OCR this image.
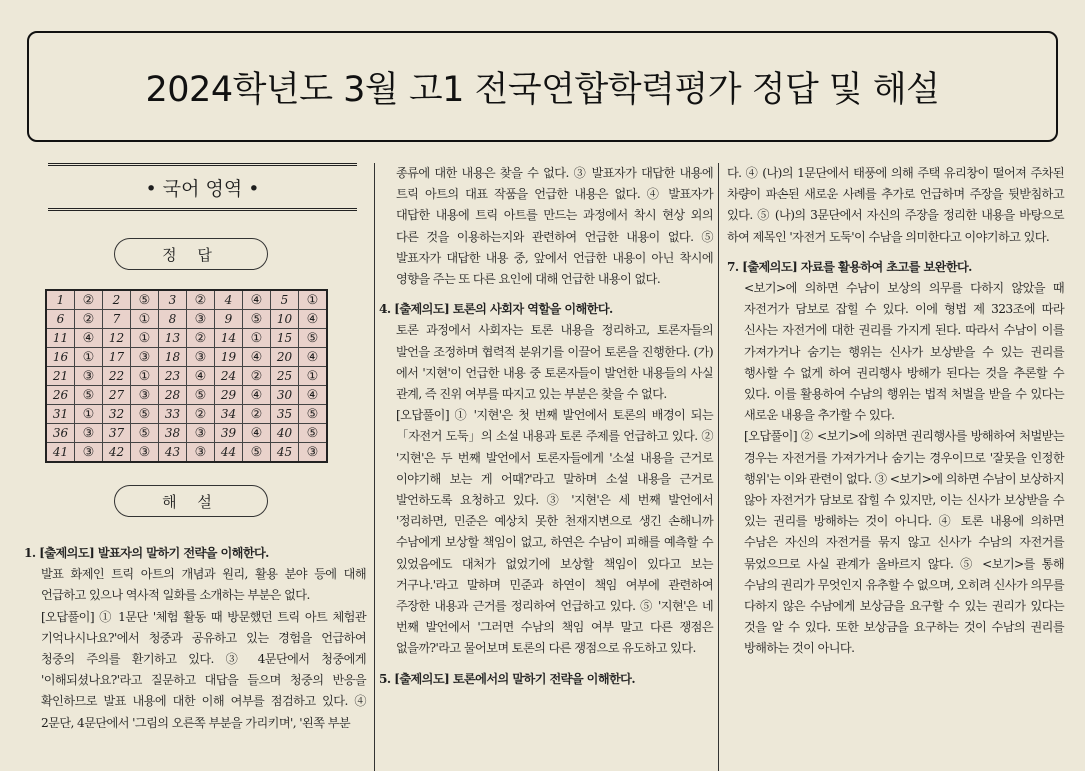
2024학년도 3월 고1 전국연합학력평가 정답 및 해설
• 국어 영역 •
정 답
1	②	2	⑤	3	②	4	④	5	①
6	②	7	①	8	③	9	⑤	10	④
11	④	12	①	13	②	14	①	15	⑤
16	①	17	③	18	③	19	④	20	④
21	③	22	①	23	④	24	②	25	①
26	⑤	27	③	28	⑤	29	④	30	④
31	①	32	⑤	33	②	34	②	35	⑤
36	③	37	⑤	38	③	39	④	40	⑤
41	③	42	③	43	③	44	⑤	45	③
해 설

1. [출제의도] 발표자의 말하기 전략을 이해한다.

발표 화제인 트릭 아트의 개념과 원리, 활용 분야 등에 대해 언급하고 있으나 역사적 일화를 소개하는 부분은 없다.

[오답풀이] ① 1문단 '체험 활동 때 방문했던 트릭 아트 체험관 기억나시나요?'에서 청중과 공유하고 있는 경험을 언급하여 청중의 주의를 환기하고 있다. ③ 4문단에서 청중에게 '이해되셨나요?'라고 질문하고 대답을 들으며 청중의 반응을 확인하므로 발표 내용에 대한 이해 여부를 점검하고 있다. ④ 2문단, 4문단에서 '그림의 오른쪽 부분을 가리키며', '왼쪽 부분

종류에 대한 내용은 찾을 수 없다. ③ 발표자가 대답한 내용에 트릭 아트의 대표 작품을 언급한 내용은 없다. ④ 발표자가 대답한 내용에 트릭 아트를 만드는 과정에서 착시 현상 외의 다른 것을 이용하는지와 관련하여 언급한 내용이 없다. ⑤ 발표자가 대답한 내용 중, 앞에서 언급한 내용이 아닌 착시에 영향을 주는 또 다른 요인에 대해 언급한 내용이 없다.

4. [출제의도] 토론의 사회자 역할을 이해한다.

토론 과정에서 사회자는 토론 내용을 정리하고, 토론자들의 발언을 조정하며 협력적 분위기를 이끌어 토론을 진행한다. (가)에서 '지현'이 언급한 내용 중 토론자들이 발언한 내용들의 사실 관계, 즉 진위 여부를 따지고 있는 부분은 찾을 수 없다.

[오답풀이] ① '지현'은 첫 번째 발언에서 토론의 배경이 되는 「자전거 도둑」의 소설 내용과 토론 주제를 언급하고 있다. ② '지현'은 두 번째 발언에서 토론자들에게 '소설 내용을 근거로 이야기해 보는 게 어때?'라고 말하며 소설 내용을 근거로 발언하도록 요청하고 있다. ③ '지현'은 세 번째 발언에서 '정리하면, 민준은 예상치 못한 천재지변으로 생긴 손해니까 수남에게 보상할 책임이 없고, 하연은 수남이 피해를 예측할 수 있었음에도 대처가 없었기에 보상할 책임이 있다고 보는 거구나.'라고 말하며 민준과 하연이 책임 여부에 관련하여 주장한 내용과 근거를 정리하여 언급하고 있다. ⑤ '지현'은 네 번째 발언에서 '그러면 수남의 책임 여부 말고 다른 쟁점은 없을까?'라고 물어보며 토론의 다른 쟁점으로 유도하고 있다.

5. [출제의도] 토론에서의 말하기 전략을 이해한다.

다. ④ (나)의 1문단에서 태풍에 의해 주택 유리창이 떨어져 주차된 차량이 파손된 새로운 사례를 추가로 언급하며 주장을 뒷받침하고 있다. ⑤ (나)의 3문단에서 자신의 주장을 정리한 내용을 바탕으로 하여 제목인 '자전거 도둑'이 수남을 의미한다고 이야기하고 있다.

7. [출제의도] 자료를 활용하여 초고를 보완한다.

<보기>에 의하면 수남이 보상의 의무를 다하지 않았을 때 자전거가 담보로 잡힐 수 있다. 이에 형법 제 323조에 따라 신사는 자전거에 대한 권리를 가지게 된다. 따라서 수남이 이를 가져가거나 숨기는 행위는 신사가 보상받을 수 있는 권리를 행사할 수 없게 하여 권리행사 방해가 된다는 것을 추론할 수 있다. 이를 활용하여 수남의 행위는 법적 처벌을 받을 수 있다는 새로운 내용을 추가할 수 있다.

[오답풀이] ② <보기>에 의하면 권리행사를 방해하여 처벌받는 경우는 자전거를 가져가거나 숨기는 경우이므로 '잘못을 인정한 행위'는 이와 관련이 없다. ③ <보기>에 의하면 수남이 보상하지 않아 자전거가 담보로 잡힐 수 있지만, 이는 신사가 보상받을 수 있는 권리를 방해하는 것이 아니다. ④ 토론 내용에 의하면 수남은 자신의 자전거를 묶지 않고 신사가 수남의 자전거를 묶었으므로 사실 관계가 올바르지 않다. ⑤ <보기>를 통해 수남의 권리가 무엇인지 유추할 수 없으며, 오히려 신사가 의무를 다하지 않은 수남에게 보상금을 요구할 수 있는 권리가 있다는 것을 알 수 있다. 또한 보상금을 요구하는 것이 수남의 권리를 방해하는 것이 아니다.
